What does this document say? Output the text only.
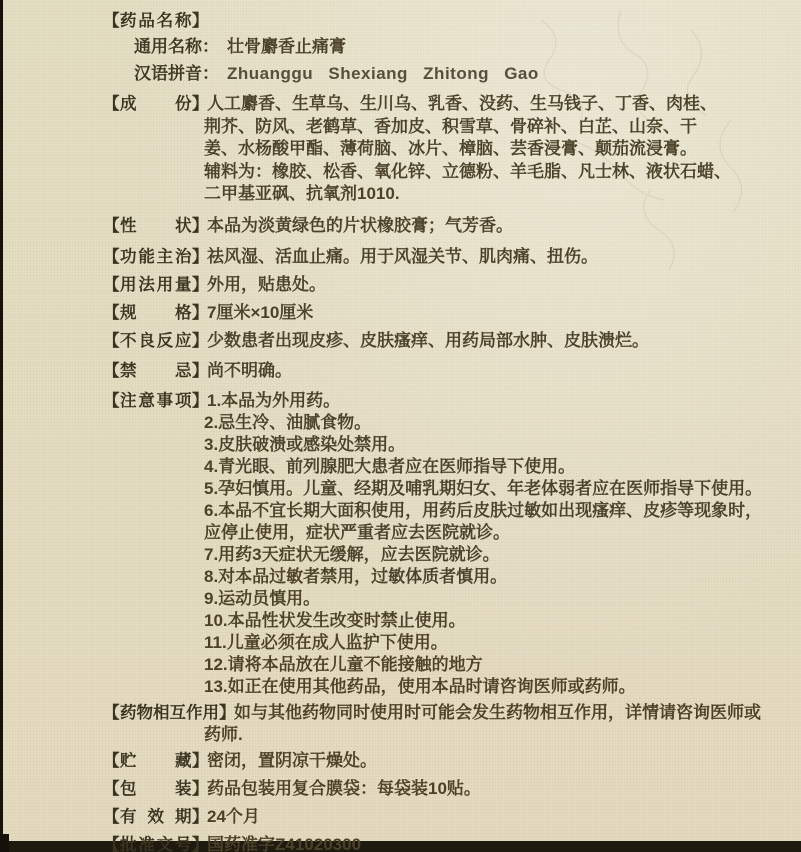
【药品名称】
通用名称： 壮骨麝香止痛膏
汉语拼音： Zhuanggu Shexiang Zhitong Gao
【成份】人工麝香、生草乌、生川乌、乳香、没药、生马钱子、丁香、肉桂、
荆芥、防风、老鹤草、香加皮、积雪草、骨碎补、白芷、山奈、干
姜、水杨酸甲酯、薄荷脑、冰片、樟脑、芸香浸膏、颠茄流浸膏。
辅料为：橡胶、松香、氧化锌、立德粉、羊毛脂、凡士林、液状石蜡、
二甲基亚砜、抗氧剂1010.
【性状】本品为淡黄绿色的片状橡胶膏；气芳香。
【功能主治】祛风湿、活血止痛。用于风湿关节、肌肉痛、扭伤。
【用法用量】外用，贴患处。
【规格】7厘米×10厘米
【不良反应】少数患者出现皮疹、皮肤瘙痒、用药局部水肿、皮肤溃烂。
【禁忌】尚不明确。
【注意事项】1.本品为外用药。
2.忌生冷、油腻食物。
3.皮肤破溃或感染处禁用。
4.青光眼、前列腺肥大患者应在医师指导下使用。
5.孕妇慎用。儿童、经期及哺乳期妇女、年老体弱者应在医师指导下使用。
6.本品不宜长期大面积使用，用药后皮肤过敏如出现瘙痒、皮疹等现象时，
应停止使用，症状严重者应去医院就诊。
7.用药3天症状无缓解，应去医院就诊。
8.对本品过敏者禁用，过敏体质者慎用。
9.运动员慎用。
10.本品性状发生改变时禁止使用。
11.儿童必须在成人监护下使用。
12.请将本品放在儿童不能接触的地方
13.如正在使用其他药品，使用本品时请咨询医师或药师。
【药物相互作用】如与其他药物同时使用时可能会发生药物相互作用，详情请咨询医师或
药师.
【贮藏】密闭，置阴凉干燥处。
【包装】药品包装用复合膜袋：每袋装10贴。
【有效期】24个月
【批准文号】国药准字Z41020300
